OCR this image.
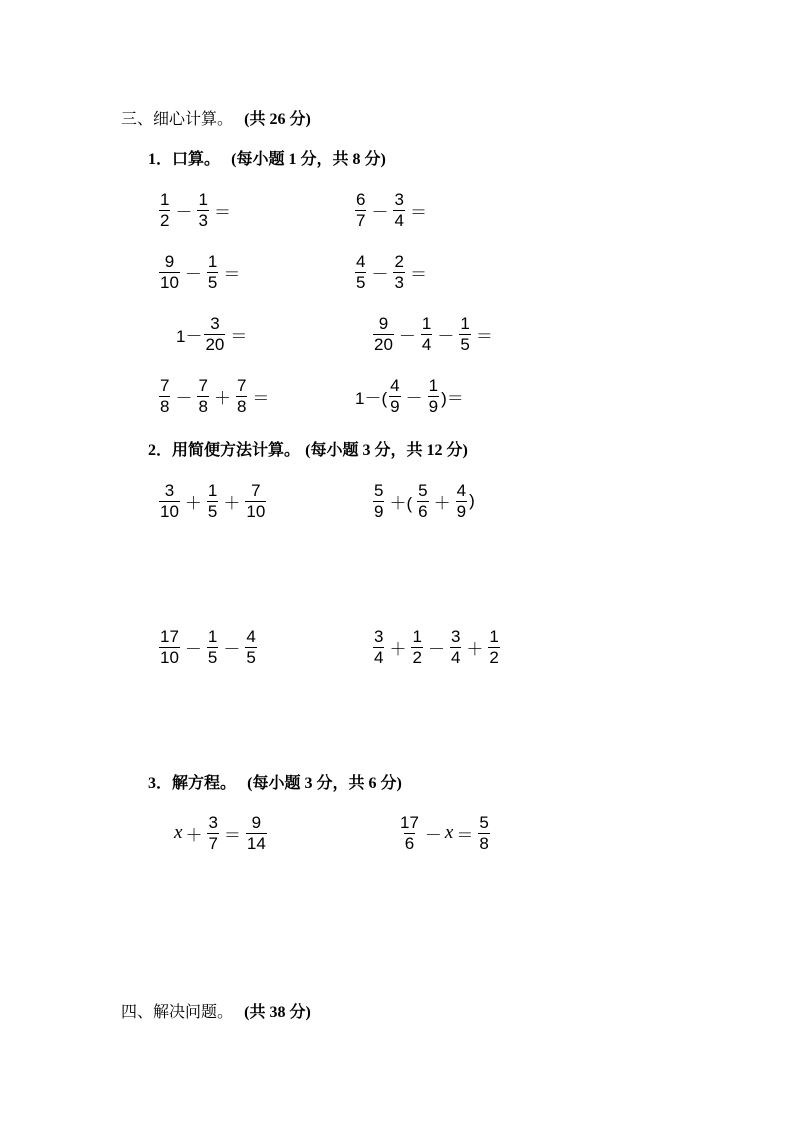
三、细心计算。 (共 26 分)
1．口算。 (每小题 1 分，共 8 分)
$\frac{1}{2} - \frac{1}{3}$ ＝	$\frac{6}{7} - \frac{3}{4}$ ＝
$\frac{9}{10} - \frac{1}{5}$ ＝	$\frac{4}{5} - \frac{2}{3}$ ＝
$1- \frac{3}{20}$ ＝	$\frac{9}{20} - \frac{1}{4} - \frac{1}{5}$ ＝
$\frac{7}{8} - \frac{7}{8} + \frac{7}{8}$ ＝	$1-( \frac{4}{9} - \frac{1}{9}$ )＝
2．用简便方法计算。 (每小题 3 分，共 12 分)
$\frac{3}{10} + \frac{1}{5} + \frac{7}{10}$	$\frac{5}{9}$ ＋( $\frac{5}{6} + \frac{4}{9}$ )
$\frac{17}{10} - \frac{1}{5} - \frac{4}{5}$	$\frac{3}{4} + \frac{1}{2} - \frac{3}{4} + \frac{1}{2}$
3．解方程。 (每小题 3 分，共 6 分)
$x + \frac{3}{7} = \frac{9}{14}$	$\frac{17}{6} - x = \frac{5}{8}$
四、解决问题。 (共 38 分)
